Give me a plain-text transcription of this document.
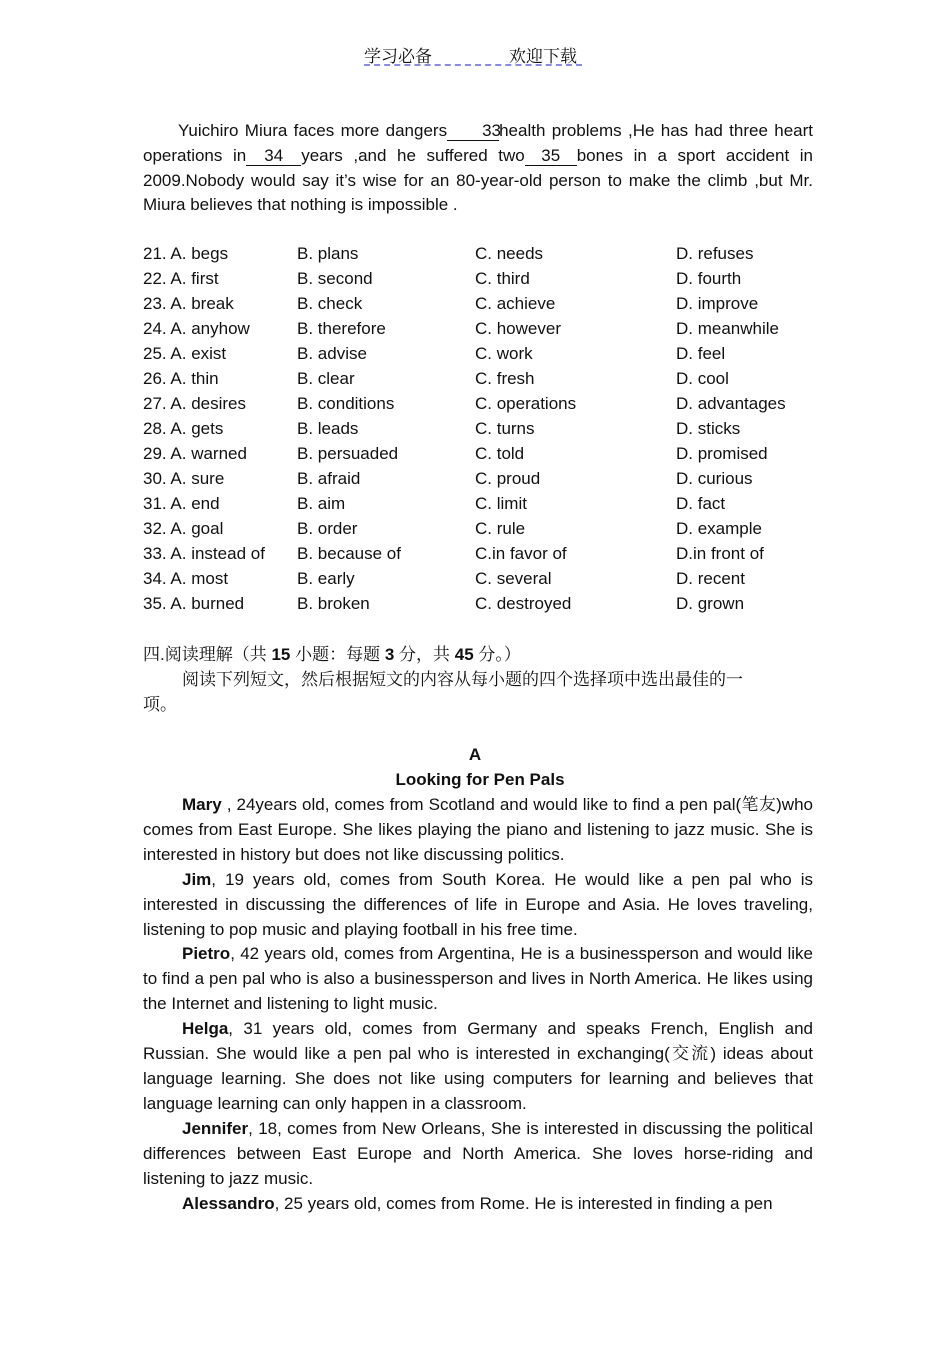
学习必备	欢迎下载
Yuichiro Miura faces more dangers 33health problems ,He has had three heart operations in 34 years ,and he suffered two 35 bones in a sport accident in 2009.Nobody would say it’s wise for an 80-year-old person to make the climb ,but Mr. Miura believes that nothing is impossible .
21. A. begs	B. plans	C. needs	D. refuses
22. A. first	B. second	C. third	D. fourth
23. A. break	B. check	C. achieve	D. improve
24. A. anyhow	B. therefore	C. however	D. meanwhile
25. A. exist	B. advise	C. work	D. feel
26. A. thin	B. clear	C. fresh	D. cool
27. A. desires	B. conditions	C. operations	D. advantages
28. A. gets	B. leads	C. turns	D. sticks
29. A. warned	B. persuaded	C. told	D. promised
30. A. sure	B. afraid	C. proud	D. curious
31. A. end	B. aim	C. limit	D. fact
32. A. goal	B. order	C. rule	D. example
33. A. instead of B. because of	C.in favor of	D.in front of
34. A. most	B. early	C. several	D. recent
35. A. burned	B. broken	C. destroyed	D. grown
四.阅读理解（共 15 小题：每题 3 分，共 45 分。）
阅读下列短文，然后根据短文的内容从每小题的四个选择项中选出最佳的一项。
A
Looking for Pen Pals

Mary , 24years old, comes from Scotland and would like to find a pen pal(笔友)who comes from East Europe. She likes playing the piano and listening to jazz music. She is interested in history but does not like discussing politics.

Jim, 19 years old, comes from South Korea. He would like a pen pal who is interested in discussing the differences of life in Europe and Asia. He loves traveling, listening to pop music and playing football in his free time.

Pietro, 42 years old, comes from Argentina, He is a businessperson and would like to find a pen pal who is also a businessperson and lives in North America. He likes using the Internet and listening to light music.

Helga, 31 years old, comes from Germany and speaks French, English and Russian. She would like a pen pal who is interested in exchanging(交流) ideas about language learning. She does not like using computers for learning and believes that language learning can only happen in a classroom.

Jennifer, 18, comes from New Orleans, She is interested in discussing the political differences between East Europe and North America. She loves horse-riding and listening to jazz music.

Alessandro, 25 years old, comes from Rome. He is interested in finding a pen
